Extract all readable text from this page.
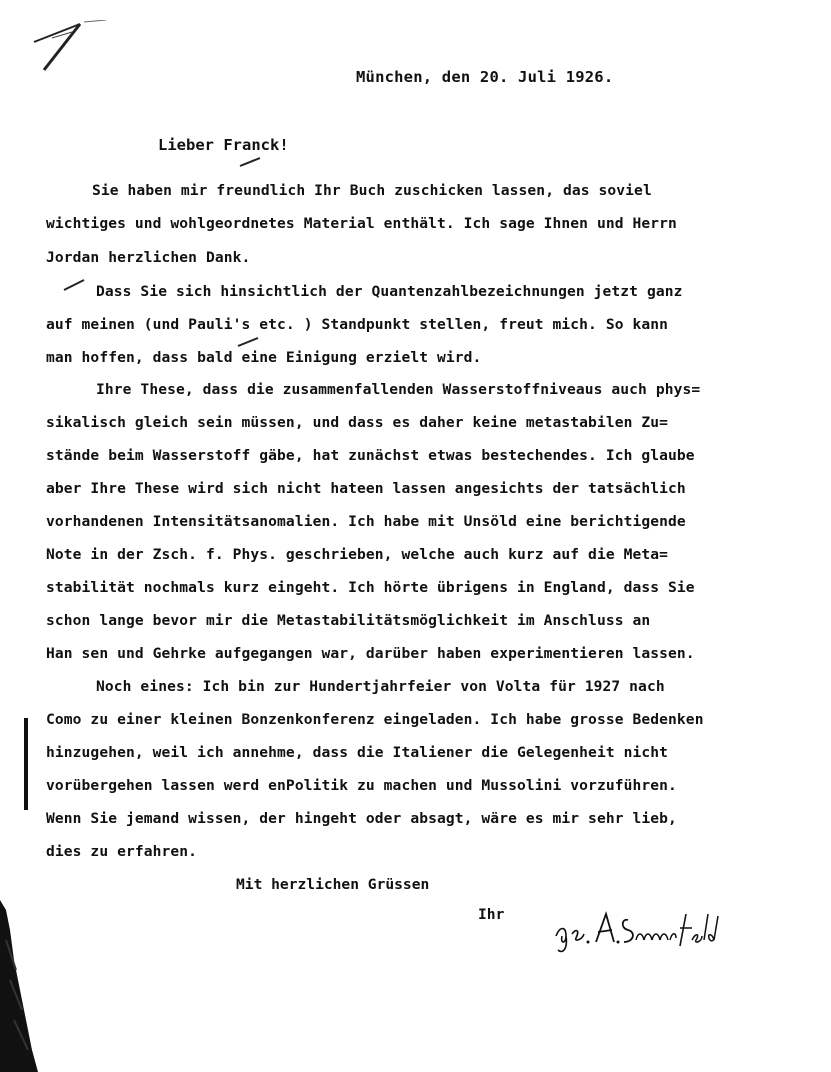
München, den 20. Juli 1926.
Lieber Franck!
Sie haben mir freundlich Ihr Buch zuschicken lassen, das soviel
wichtiges und wohlgeordnetes Material enthält. Ich sage Ihnen und Herrn
Jordan herzlichen Dank.
Dass Sie sich hinsichtlich der Quantenzahlbezeichnungen jetzt ganz
auf meinen (und Pauli's etc. ) Standpunkt stellen, freut mich. So kann
man hoffen, dass bald eine Einigung erzielt wird.
Ihre These, dass die zusammenfallenden Wasserstoffniveaus auch phys=
sikalisch gleich sein müssen, und dass es daher keine metastabilen Zu=
stände beim Wasserstoff gäbe, hat zunächst etwas bestechendes. Ich glaube
aber Ihre These wird sich nicht hateen lassen angesichts der tatsächlich
vorhandenen Intensitätsanomalien. Ich habe mit Unsöld eine berichtigende
Note in der Zsch. f. Phys. geschrieben, welche auch kurz auf die Meta=
stabilität nochmals kurz eingeht. Ich hörte übrigens in England, dass Sie
schon lange bevor mir die Metastabilitätsmöglichkeit im Anschluss an
Han sen und Gehrke aufgegangen war, darüber haben experimentieren lassen.
Noch eines: Ich bin zur Hundertjahrfeier von Volta für 1927 nach
Como zu einer kleinen Bonzenkonferenz eingeladen. Ich habe grosse Bedenken
hinzugehen, weil ich annehme, dass die Italiener die Gelegenheit nicht
vorübergehen lassen werd enPolitik zu machen und Mussolini vorzuführen.
Wenn Sie jemand wissen, der hingeht oder absagt, wäre es mir sehr lieb,
dies zu erfahren.
Mit herzlichen Grüssen
Ihr
